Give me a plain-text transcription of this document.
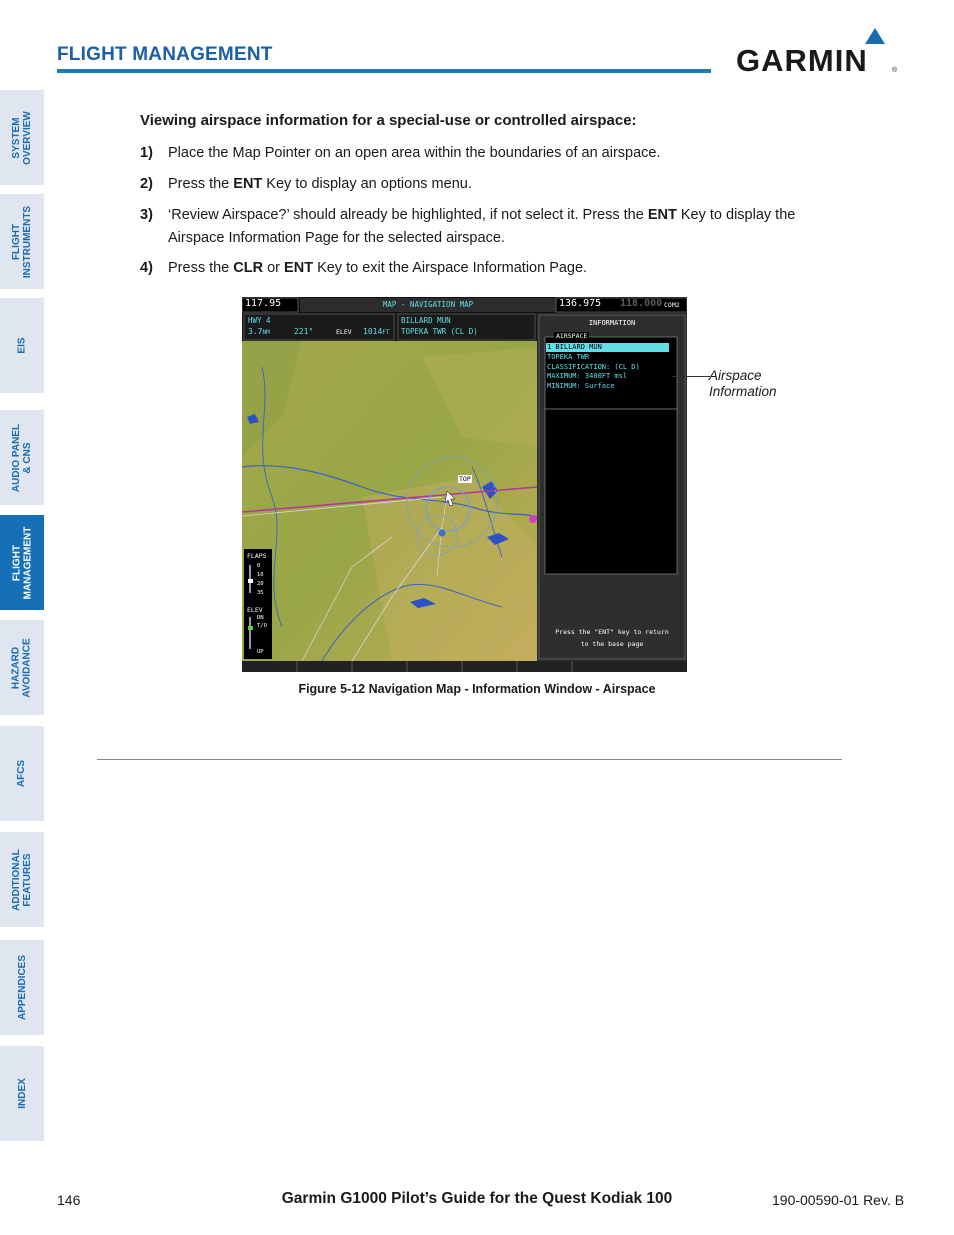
FLIGHT MANAGEMENT	GARMIN	®
SYSTEM
OVERVIEW
FLIGHT
INSTRUMENTS
EIS
AUDIO PANEL
& CNS
FLIGHT
MANAGEMENT
HAZARD
AVOIDANCE
AFCS
ADDITIONAL
FEATURES
APPENDICES
INDEX
Viewing airspace information for a special-use or controlled airspace:
1) Place the Map Pointer on an open area within the boundaries of an airspace.
2) Press the ENT Key to display an options menu.
3) ‘Review Airspace?’ should already be highlighted, if not select it. Press the ENT Key to display the Airspace Information Page for the selected airspace.
4) Press the CLR or ENT Key to exit the Airspace Information Page.
117.95	MAP - NAVIGATION MAP	136.975 118.000 COM2
HWY 4
3.7NM	221°	ELEV 1014FT
BILLARD MUN
TOPEKA TWR (CL D)
TOP
FLAPS
0
10
20
35
ELEV
DN
T/O
UP
INFORMATION
AIRSPACE
1 BILLARD MUN
TOPEKA TWR
CLASSIFICATION: (CL D)
MAXIMUM: 3400FT msl
MINIMUM: Surface
Press the "ENT" key to return
to the base page
Airspace
Information
Figure 5-12 Navigation Map - Information Window - Airspace
146	Garmin G1000 Pilot’s Guide for the Quest Kodiak 100	190-00590-01 Rev. B
